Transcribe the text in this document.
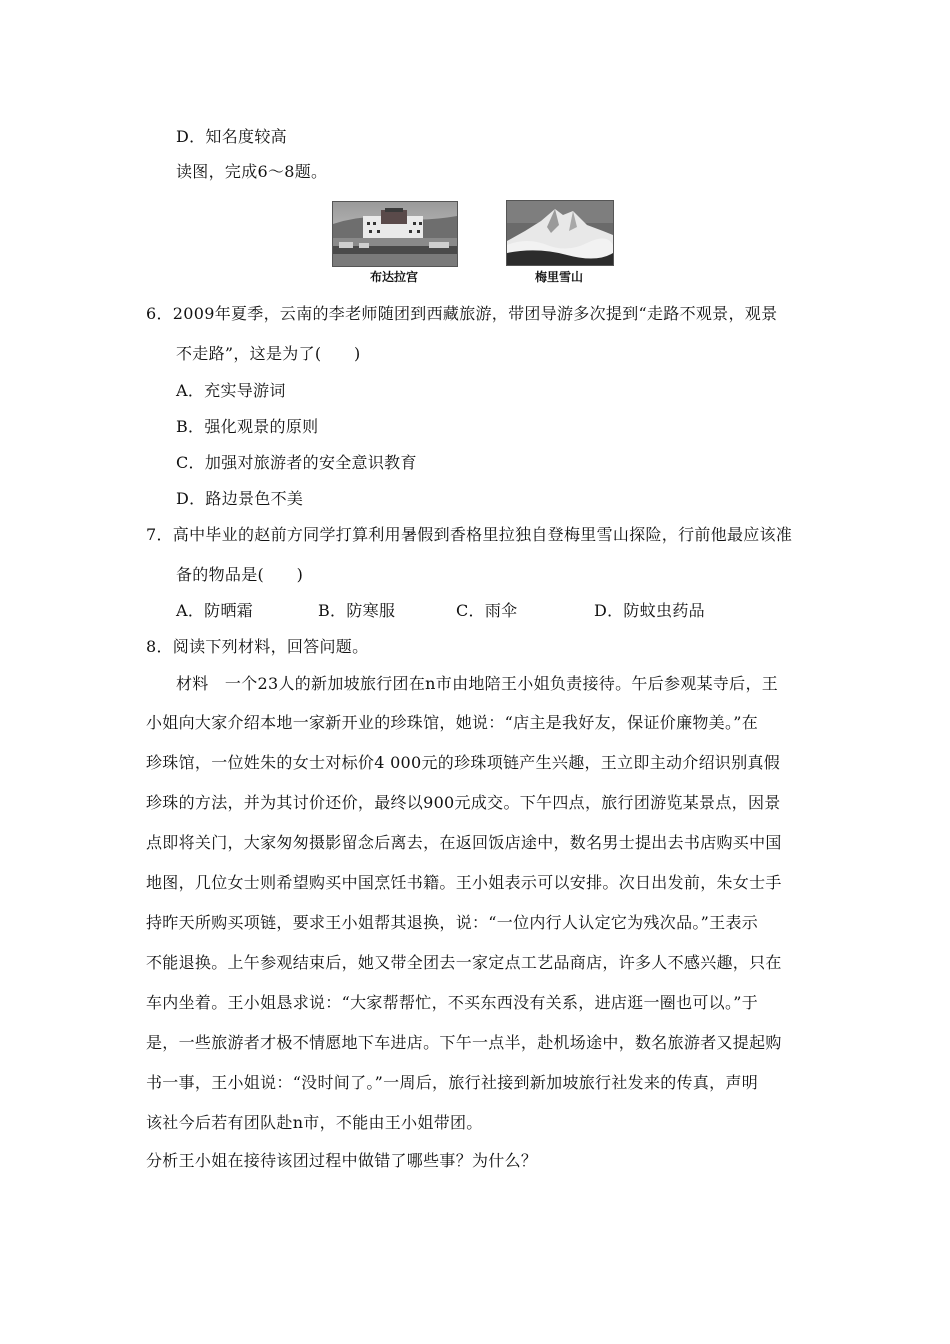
D．知名度较高
读图，完成6～8题。
布达拉宫	梅里雪山
6．2009年夏季，云南的李老师随团到西藏旅游，带团导游多次提到“走路不观景，观景
不走路”，这是为了(　　)
A．充实导游词
B．强化观景的原则
C．加强对旅游者的安全意识教育
D．路边景色不美
7．高中毕业的赵前方同学打算利用暑假到香格里拉独自登梅里雪山探险，行前他最应该准
备的物品是(　　)
A．防晒霜	B．防寒服	C．雨伞	D．防蚊虫药品
8．阅读下列材料，回答问题。
材料　一个23人的新加坡旅行团在n市由地陪王小姐负责接待。午后参观某寺后，王
小姐向大家介绍本地一家新开业的珍珠馆，她说：“店主是我好友，保证价廉物美。”在
珍珠馆，一位姓朱的女士对标价4 000元的珍珠项链产生兴趣，王立即主动介绍识别真假
珍珠的方法，并为其讨价还价，最终以900元成交。下午四点，旅行团游览某景点，因景
点即将关门，大家匆匆摄影留念后离去，在返回饭店途中，数名男士提出去书店购买中国
地图，几位女士则希望购买中国烹饪书籍。王小姐表示可以安排。次日出发前，朱女士手
持昨天所购买项链，要求王小姐帮其退换，说：“一位内行人认定它为残次品。”王表示
不能退换。上午参观结束后，她又带全团去一家定点工艺品商店，许多人不感兴趣，只在
车内坐着。王小姐恳求说：“大家帮帮忙，不买东西没有关系，进店逛一圈也可以。”于
是，一些旅游者才极不情愿地下车进店。下午一点半，赴机场途中，数名旅游者又提起购
书一事，王小姐说：“没时间了。”一周后，旅行社接到新加坡旅行社发来的传真，声明
该社今后若有团队赴n市，不能由王小姐带团。
分析王小姐在接待该团过程中做错了哪些事？为什么？
